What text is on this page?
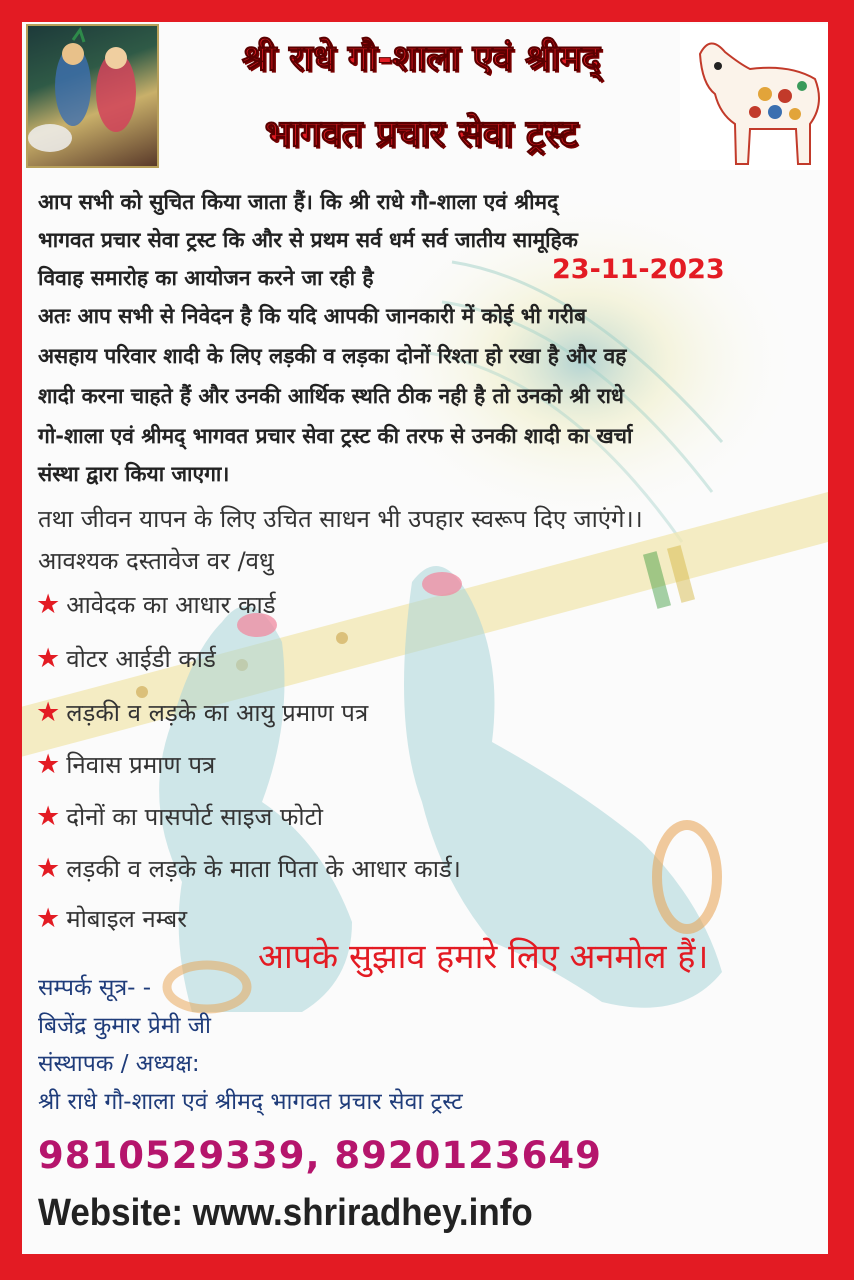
श्री राधे गौ-शाला एवं श्रीमद्
भागवत प्रचार सेवा ट्रस्ट
आप सभी को सुचित किया जाता हैं। कि श्री राधे गौ-शाला एवं श्रीमद्
भागवत प्रचार सेवा ट्रस्ट कि और से प्रथम सर्व धर्म सर्व जातीय सामूहिक
विवाह समारोह का आयोजन करने जा रही है	23-11-2023
अतः आप सभी से निवेदन है कि यदि आपकी जानकारी में कोई भी गरीब
असहाय परिवार शादी के लिए लड़की व लड़का दोनों रिश्ता हो रखा है और वह
शादी करना चाहते हैं और उनकी आर्थिक स्थति ठीक नही है तो उनको श्री राधे
गो-शाला एवं श्रीमद् भागवत प्रचार सेवा ट्रस्ट की तरफ से उनकी शादी का खर्चा
संस्था द्वारा किया जाएगा।
तथा जीवन यापन के लिए उचित साधन भी उपहार स्वरूप दिए जाएंगे।।
आवश्यक दस्तावेज वर /वधु
★ आवेदक का आधार कार्ड
★ वोटर आईडी कार्ड
★ लड़की व लड़के का आयु प्रमाण पत्र
★ निवास प्रमाण पत्र
★ दोनों का पासपोर्ट साइज फोटो
★ लड़की व लड़के के माता पिता के आधार कार्ड।
★ मोबाइल नम्बर
आपके सुझाव हमारे लिए अनमोल हैं।
सम्पर्क सूत्र- -
बिजेंद्र कुमार प्रेमी जी
संस्थापक / अध्यक्ष:
श्री राधे गौ-शाला एवं श्रीमद् भागवत प्रचार सेवा ट्रस्ट
9810529339, 8920123649
Website: www.shriradhey.info
